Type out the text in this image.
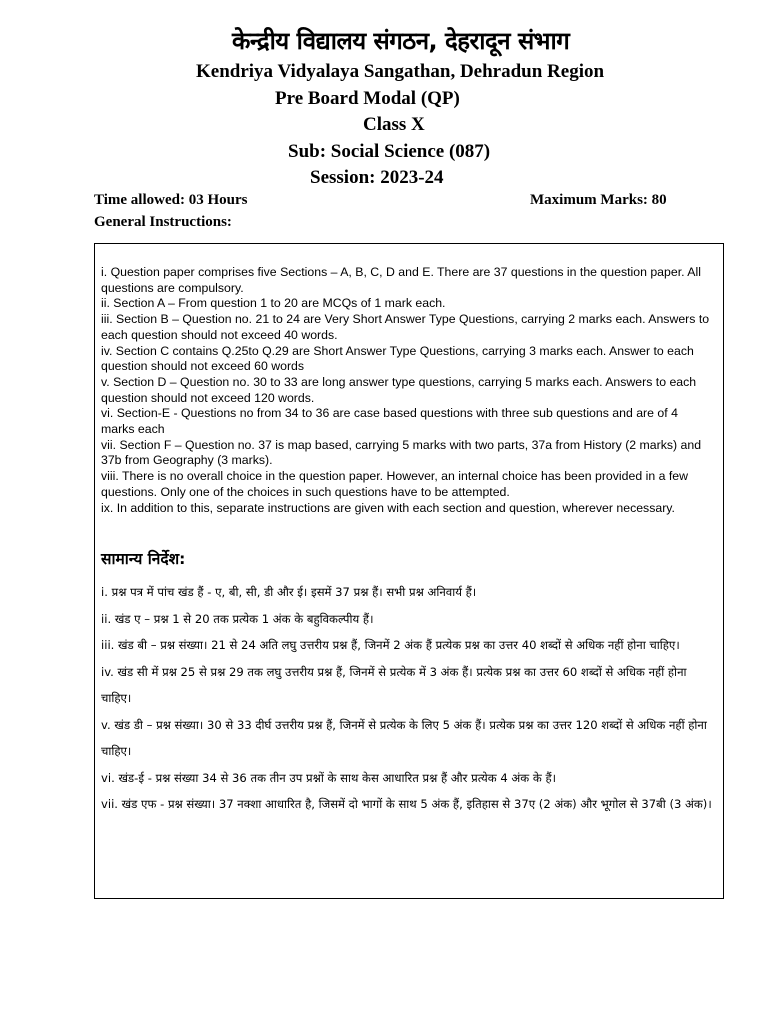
केन्द्रीय विद्यालय संगठन, देहरादून संभाग
Kendriya Vidyalaya Sangathan, Dehradun Region
Pre Board Modal (QP)
Class X
Sub: Social Science (087)
Session: 2023-24
Time allowed: 03 Hours	Maximum Marks: 80
General Instructions:
i. Question paper comprises five Sections – A, B, C, D and E. There are 37 questions in the question paper. All questions are compulsory.
ii. Section A – From question 1 to 20 are MCQs of 1 mark each.
iii. Section B – Question no. 21 to 24 are Very Short Answer Type Questions, carrying 2 marks each. Answers to each question should not exceed 40 words.
iv. Section C contains Q.25to Q.29 are Short Answer Type Questions, carrying 3 marks each. Answer to each question should not exceed 60 words
v. Section D – Question no. 30 to 33 are long answer type questions, carrying 5 marks each. Answers to each question should not exceed 120 words.
vi. Section-E - Questions no from 34 to 36 are case based questions with three sub questions and are of 4 marks each
vii. Section F – Question no. 37 is map based, carrying 5 marks with two parts, 37a from History (2 marks) and 37b from Geography (3 marks).
viii. There is no overall choice in the question paper. However, an internal choice has been provided in a few questions. Only one of the choices in such questions have to be attempted.
ix. In addition to this, separate instructions are given with each section and question, wherever necessary.
सामान्य निर्देश:
i. प्रश्न पत्र में पांच खंड हैं - ए, बी, सी, डी और ई। इसमें 37 प्रश्न हैं। सभी प्रश्न अनिवार्य हैं।
ii. खंड ए – प्रश्न 1 से 20 तक प्रत्येक 1 अंक के बहुविकल्पीय हैं।
iii. खंड बी – प्रश्न संख्या। 21 से 24 अति लघु उत्तरीय प्रश्न हैं, जिनमें 2 अंक हैं प्रत्येक प्रश्न का उत्तर 40 शब्दों से अधिक नहीं होना चाहिए।
iv. खंड सी में प्रश्न 25 से प्रश्न 29 तक लघु उत्तरीय प्रश्न हैं, जिनमें से प्रत्येक में 3 अंक हैं। प्रत्येक प्रश्न का उत्तर 60 शब्दों से अधिक नहीं होना चाहिए।
v. खंड डी – प्रश्न संख्या। 30 से 33 दीर्घ उत्तरीय प्रश्न हैं, जिनमें से प्रत्येक के लिए 5 अंक हैं। प्रत्येक प्रश्न का उत्तर 120 शब्दों से अधिक नहीं होना चाहिए।
vi. खंड-ई - प्रश्न संख्या 34 से 36 तक तीन उप प्रश्नों के साथ केस आधारित प्रश्न हैं और प्रत्येक 4 अंक के हैं।
vii. खंड एफ - प्रश्न संख्या। 37 नक्शा आधारित है, जिसमें दो भागों के साथ 5 अंक हैं, इतिहास से 37ए (2 अंक) और भूगोल से 37बी (3 अंक)।
